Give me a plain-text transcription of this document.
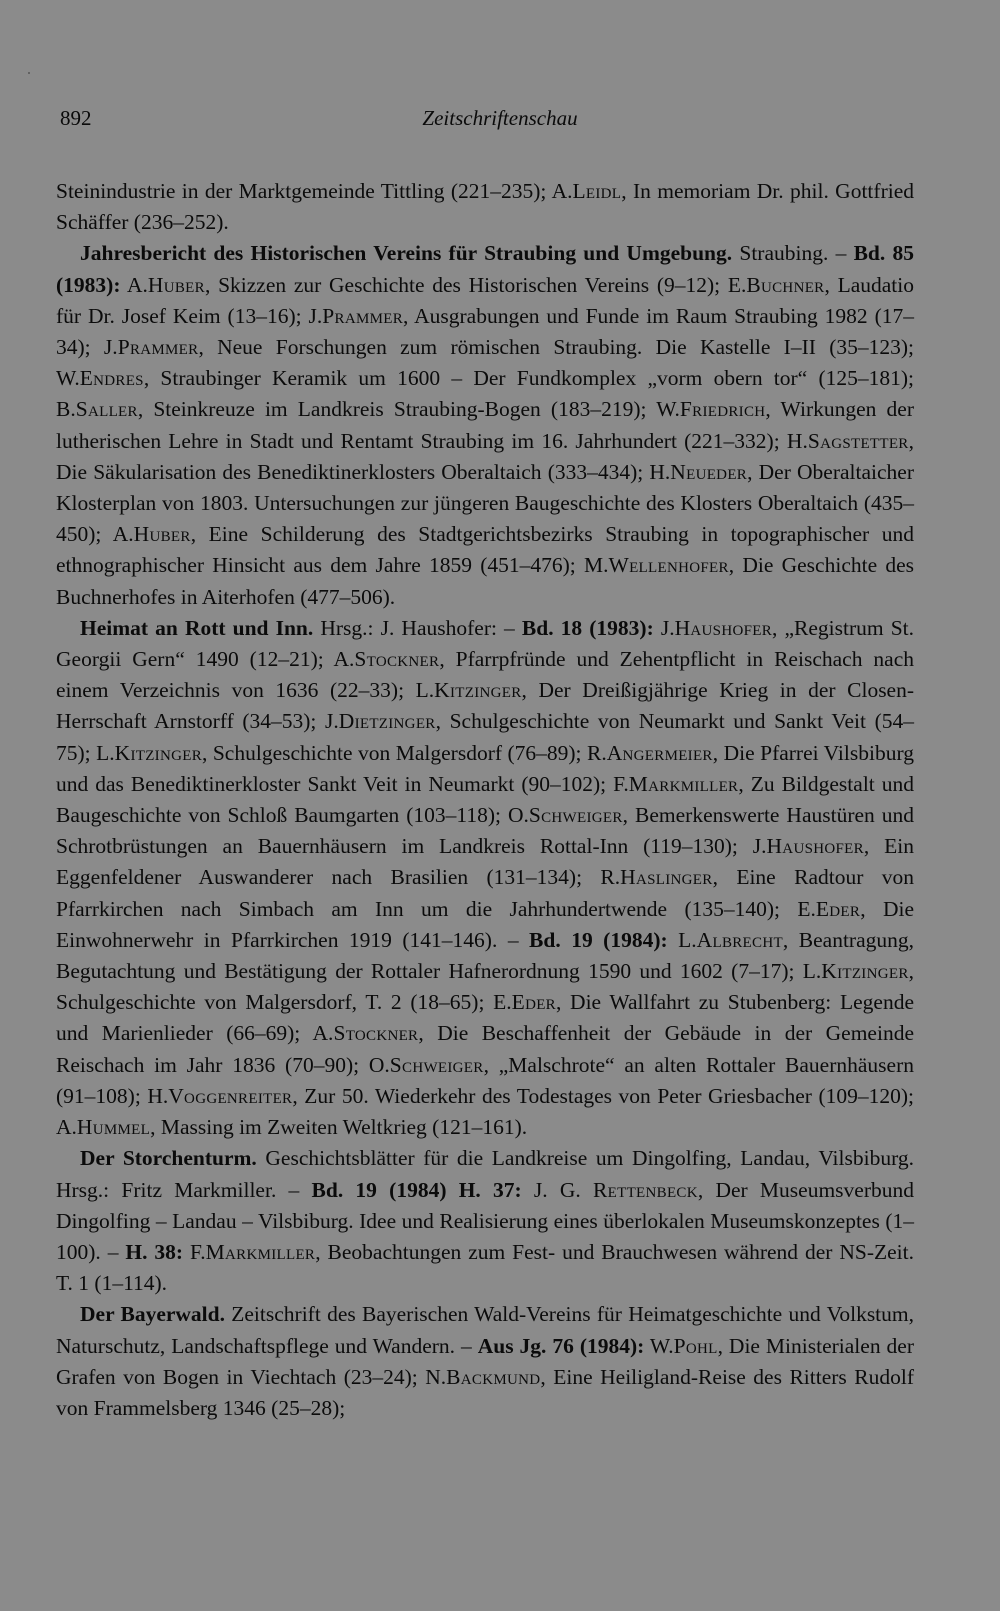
892	Zeitschriftenschau

Steinindustrie in der Marktgemeinde Tittling (221–235); A.Leidl, In memoriam Dr. phil. Gottfried Schäffer (236–252).

Jahresbericht des Historischen Vereins für Straubing und Umgebung. Straubing. – Bd. 85 (1983): A.Huber, Skizzen zur Geschichte des Historischen Vereins (9–12); E.Buchner, Laudatio für Dr. Josef Keim (13–16); J.Prammer, Ausgrabungen und Funde im Raum Straubing 1982 (17–34); J.Prammer, Neue Forschungen zum römischen Straubing. Die Kastelle I–II (35–123); W.Endres, Straubinger Keramik um 1600 – Der Fundkomplex „vorm obern tor“ (125–181); B.Saller, Steinkreuze im Landkreis Straubing-Bogen (183–219); W.Friedrich, Wirkungen der lutherischen Lehre in Stadt und Rentamt Straubing im 16. Jahrhundert (221–332); H.Sagstetter, Die Säkularisation des Benediktinerklosters Oberaltaich (333–434); H.Neueder, Der Oberaltaicher Klosterplan von 1803. Untersuchungen zur jüngeren Baugeschichte des Klosters Oberaltaich (435–450); A.Huber, Eine Schilderung des Stadtgerichtsbezirks Straubing in topographischer und ethnographischer Hinsicht aus dem Jahre 1859 (451–476); M.Wellenhofer, Die Geschichte des Buchnerhofes in Aiterhofen (477–506).

Heimat an Rott und Inn. Hrsg.: J. Haushofer: – Bd. 18 (1983): J.Haushofer, „Registrum St. Georgii Gern“ 1490 (12–21); A.Stockner, Pfarrpfründe und Zehentpflicht in Reischach nach einem Verzeichnis von 1636 (22–33); L.Kitzinger, Der Dreißigjährige Krieg in der Closen-Herrschaft Arnstorff (34–53); J.Dietzinger, Schulgeschichte von Neumarkt und Sankt Veit (54–75); L.Kitzinger, Schulgeschichte von Malgersdorf (76–89); R.Angermeier, Die Pfarrei Vilsbiburg und das Benediktinerkloster Sankt Veit in Neumarkt (90–102); F.Markmiller, Zu Bildgestalt und Baugeschichte von Schloß Baumgarten (103–118); O.Schweiger, Bemerkenswerte Haustüren und Schrotbrüstungen an Bauernhäusern im Landkreis Rottal-Inn (119–130); J.Haushofer, Ein Eggenfeldener Auswanderer nach Brasilien (131–134); R.Haslinger, Eine Radtour von Pfarrkirchen nach Simbach am Inn um die Jahrhundertwende (135–140); E.Eder, Die Einwohnerwehr in Pfarrkirchen 1919 (141–146). – Bd. 19 (1984): L.Albrecht, Beantragung, Begutachtung und Bestätigung der Rottaler Hafnerordnung 1590 und 1602 (7–17); L.Kitzinger, Schulgeschichte von Malgersdorf, T. 2 (18–65); E.Eder, Die Wallfahrt zu Stubenberg: Legende und Marienlieder (66–69); A.Stockner, Die Beschaffenheit der Gebäude in der Gemeinde Reischach im Jahr 1836 (70–90); O.Schweiger, „Malschrote“ an alten Rottaler Bauernhäusern (91–108); H.Voggenreiter, Zur 50. Wiederkehr des Todestages von Peter Griesbacher (109–120); A.Hummel, Massing im Zweiten Weltkrieg (121–161).

Der Storchenturm. Geschichtsblätter für die Landkreise um Dingolfing, Landau, Vilsbiburg. Hrsg.: Fritz Markmiller. – Bd. 19 (1984) H. 37: J. G. Rettenbeck, Der Museumsverbund Dingolfing – Landau – Vilsbiburg. Idee und Realisierung eines überlokalen Museumskonzeptes (1–100). – H. 38: F.Markmiller, Beobachtungen zum Fest- und Brauchwesen während der NS-Zeit. T. 1 (1–114).

Der Bayerwald. Zeitschrift des Bayerischen Wald-Vereins für Heimatgeschichte und Volkstum, Naturschutz, Landschaftspflege und Wandern. – Aus Jg. 76 (1984): W.Pohl, Die Ministerialen der Grafen von Bogen in Viechtach (23–24); N.Backmund, Eine Heiligland-Reise des Ritters Rudolf von Frammelsberg 1346 (25–28);
